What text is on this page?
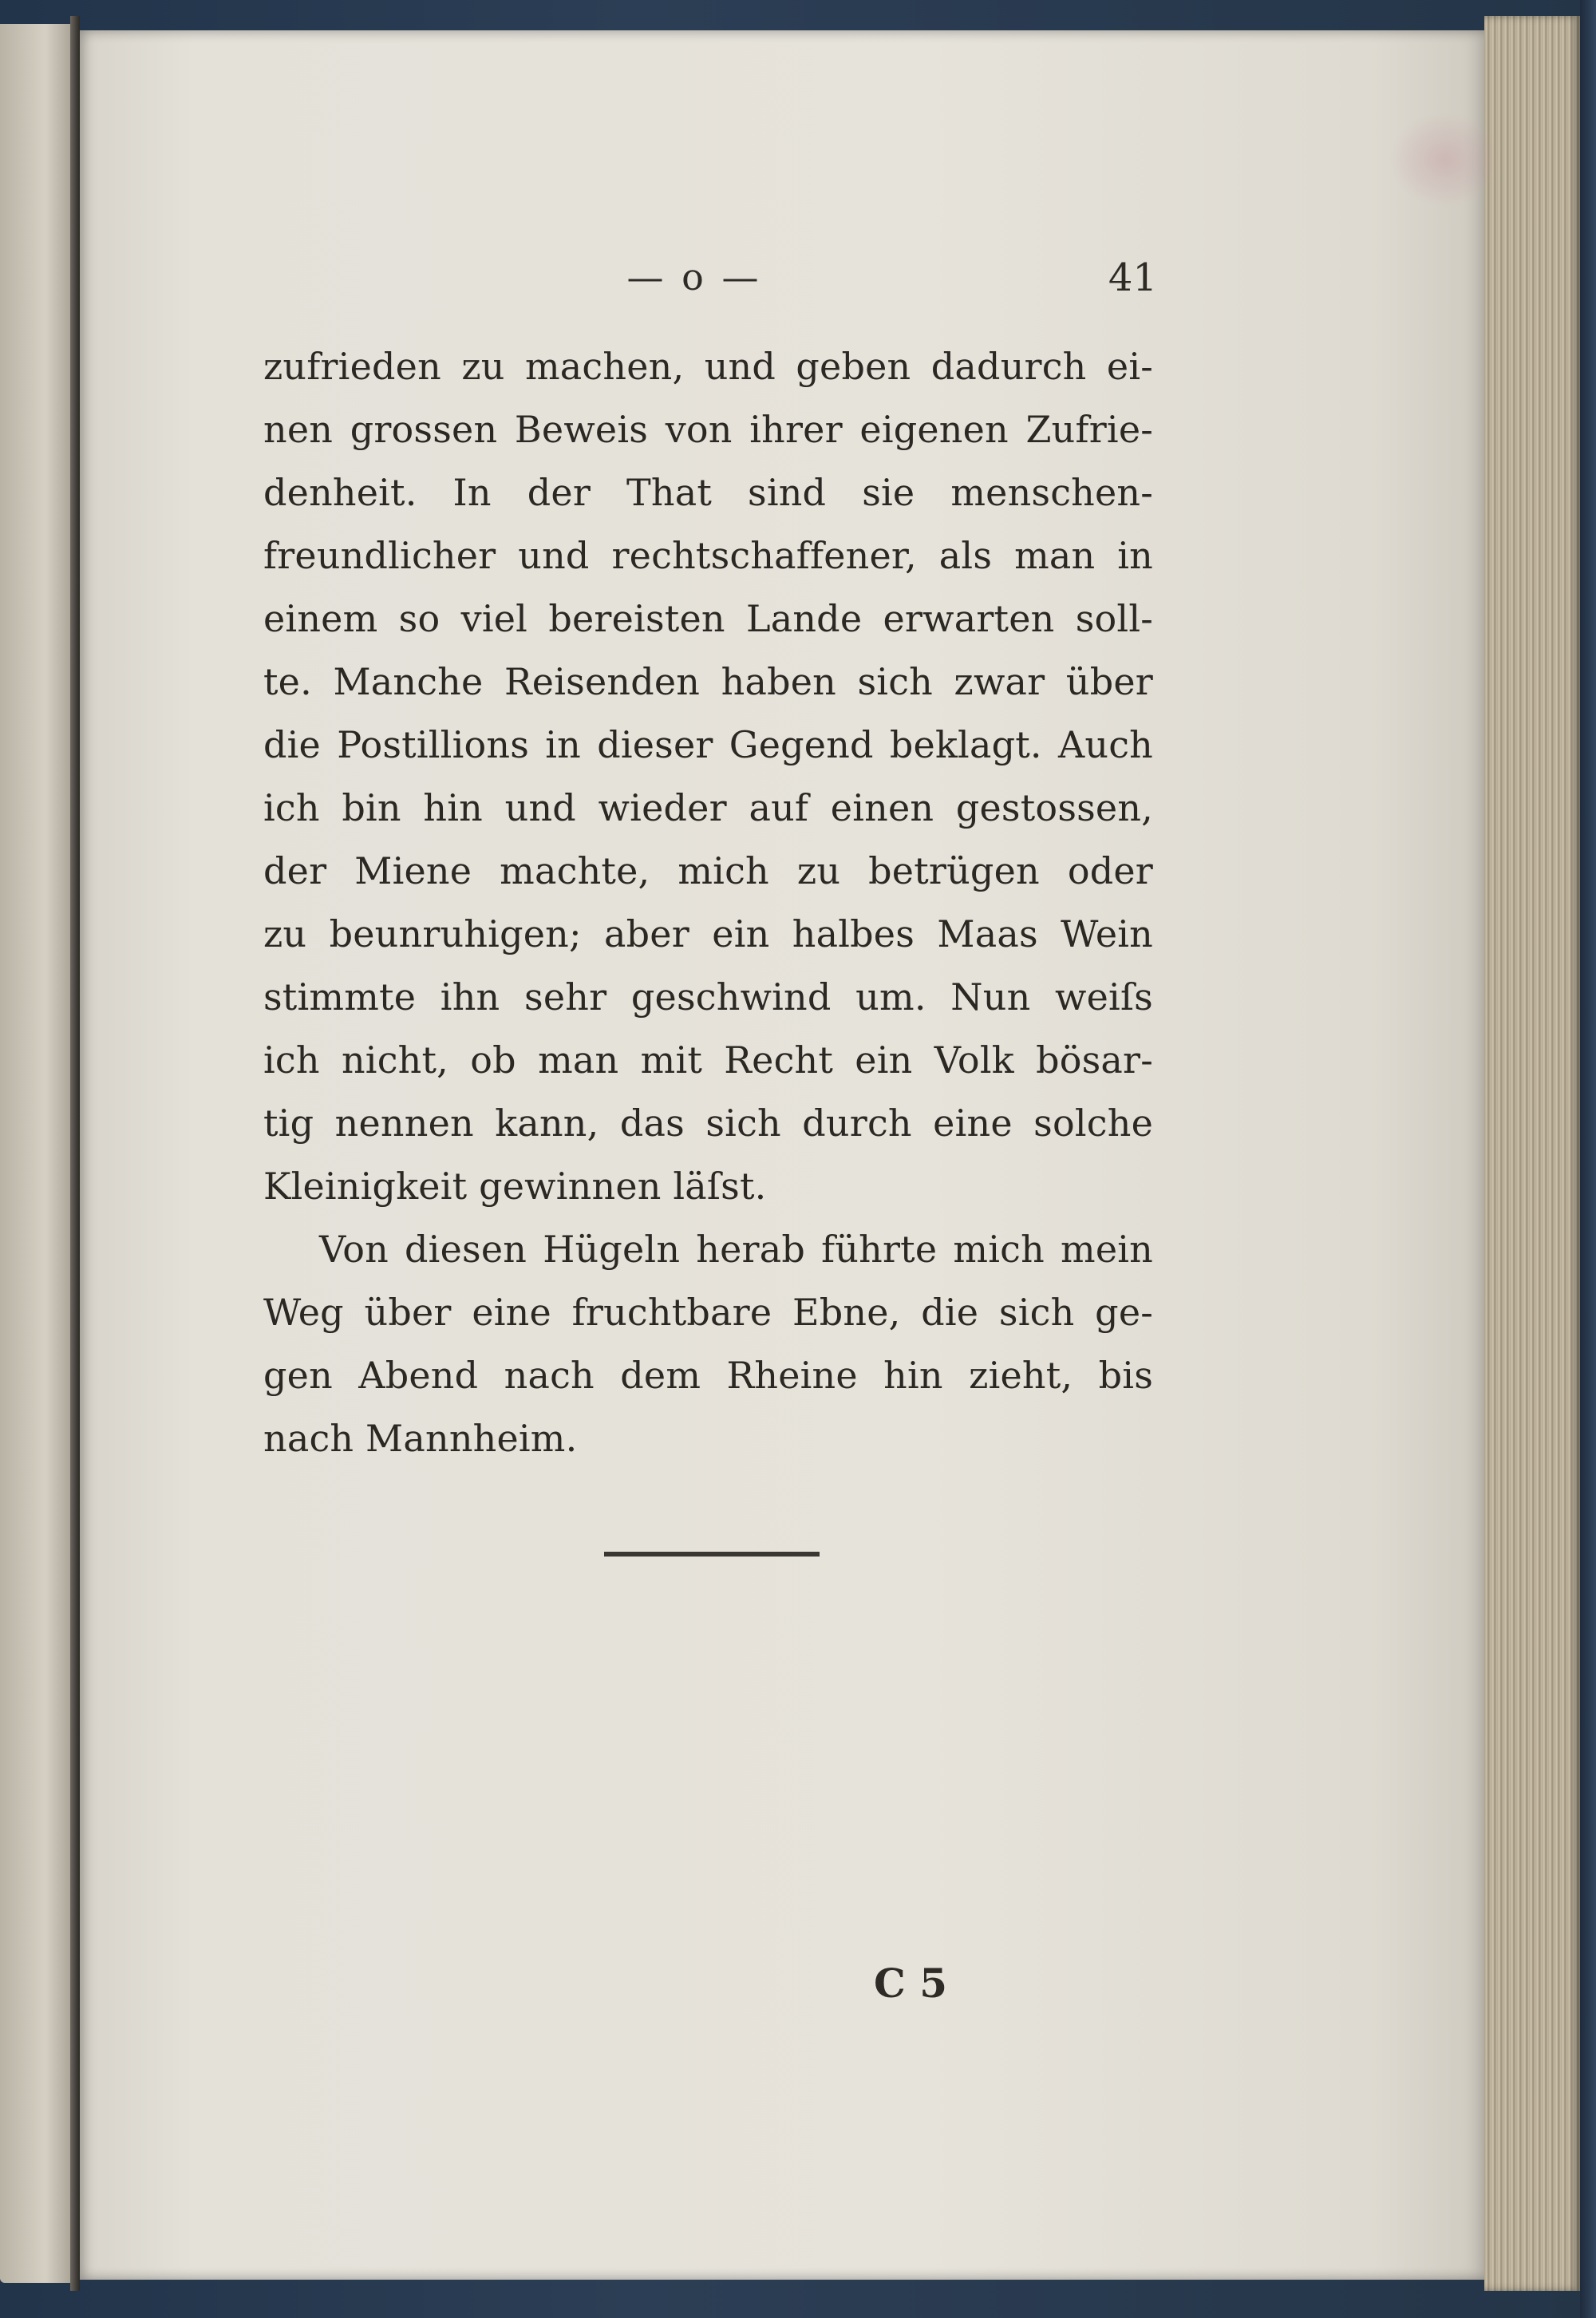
— o —	41
zufrieden zu machen, und geben dadurch ei-
nen grossen Beweis von ihrer eigenen Zufrie-
denheit. In der That sind sie menschen-
freundlicher und rechtschaffener, als man in
einem so viel bereisten Lande erwarten soll-
te. Manche Reisenden haben sich zwar über
die Postillions in dieser Gegend beklagt. Auch
ich bin hin und wieder auf einen gestossen,
der Miene machte, mich zu betrügen oder
zu beunruhigen; aber ein halbes Maas Wein
stimmte ihn sehr geschwind um. Nun weiſs
ich nicht, ob man mit Recht ein Volk bösar-
tig nennen kann, das sich durch eine solche
Kleinigkeit gewinnen läſst.
Von diesen Hügeln herab führte mich mein
Weg über eine fruchtbare Ebne, die sich ge-
gen Abend nach dem Rheine hin zieht, bis
nach Mannheim.
C 5
